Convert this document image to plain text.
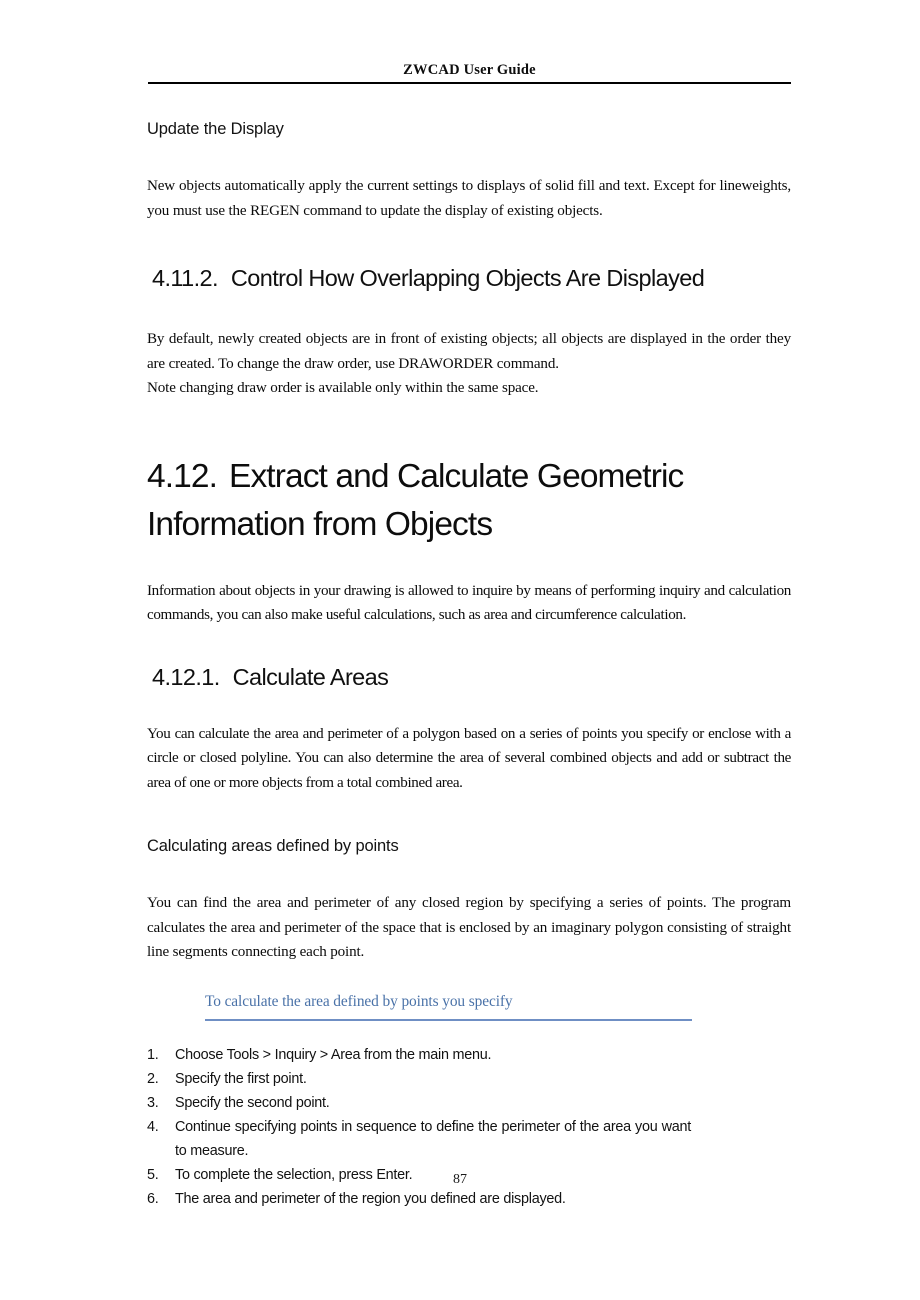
ZWCAD User Guide
Update the Display

New objects automatically apply the current settings to displays of solid fill and text. Except for lineweights, you must use the REGEN command to update the display of existing objects.

4.11.2. Control How Overlapping Objects Are Displayed

By default, newly created objects are in front of existing objects; all objects are displayed in the order they are created. To change the draw order, use DRAWORDER command.

Note changing draw order is available only within the same space.

4.12. Extract and Calculate Geometric
Information from Objects

Information about objects in your drawing is allowed to inquire by means of performing inquiry and calculation commands, you can also make useful calculations, such as area and circumference calculation.

4.12.1. Calculate Areas

You can calculate the area and perimeter of a polygon based on a series of points you specify or enclose with a circle or closed polyline. You can also determine the area of several combined objects and add or subtract the area of one or more objects from a total combined area.

Calculating areas defined by points

You can find the area and perimeter of any closed region by specifying a series of points. The program calculates the area and perimeter of the space that is enclosed by an imaginary polygon consisting of straight line segments connecting each point.

To calculate the area defined by points you specify

1.	Choose Tools > Inquiry > Area from the main menu.
2.	Specify the first point.
3.	Specify the second point.
4.	Continue specifying points in sequence to define the perimeter of the area you want to measure.
5.	To complete the selection, press Enter.
6.	The area and perimeter of the region you defined are displayed.
87
